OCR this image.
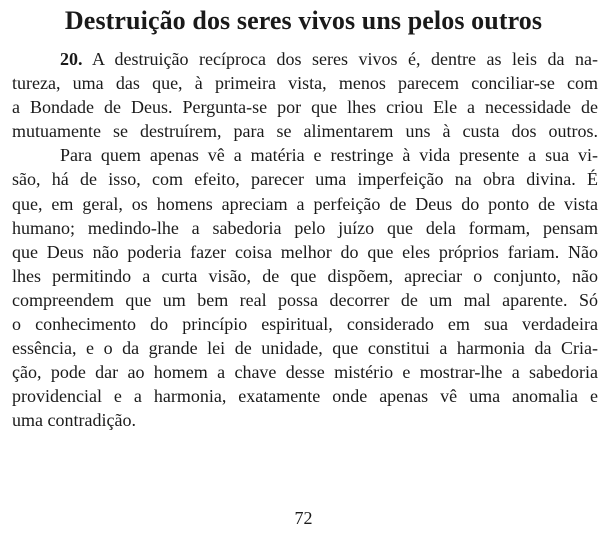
Destruição dos seres vivos uns pelos outros
20. A destruição recíproca dos seres vivos é, dentre as leis da na-
tureza, uma das que, à primeira vista, menos parecem conciliar-se com
a Bondade de Deus. Pergunta-se por que lhes criou Ele a necessidade de
mutuamente se destruírem, para se alimentarem uns à custa dos outros.
Para quem apenas vê a matéria e restringe à vida presente a sua vi-
são, há de isso, com efeito, parecer uma imperfeição na obra divina. É
que, em geral, os homens apreciam a perfeição de Deus do ponto de vista
humano; medindo-lhe a sabedoria pelo juízo que dela formam, pensam
que Deus não poderia fazer coisa melhor do que eles próprios fariam. Não
lhes permitindo a curta visão, de que dispõem, apreciar o conjunto, não
compreendem que um bem real possa decorrer de um mal aparente. Só
o conhecimento do princípio espiritual, considerado em sua verdadeira
essência, e o da grande lei de unidade, que constitui a harmonia da Cria-
ção, pode dar ao homem a chave desse mistério e mostrar-lhe a sabedoria
providencial e a harmonia, exatamente onde apenas vê uma anomalia e
uma contradição.
72
